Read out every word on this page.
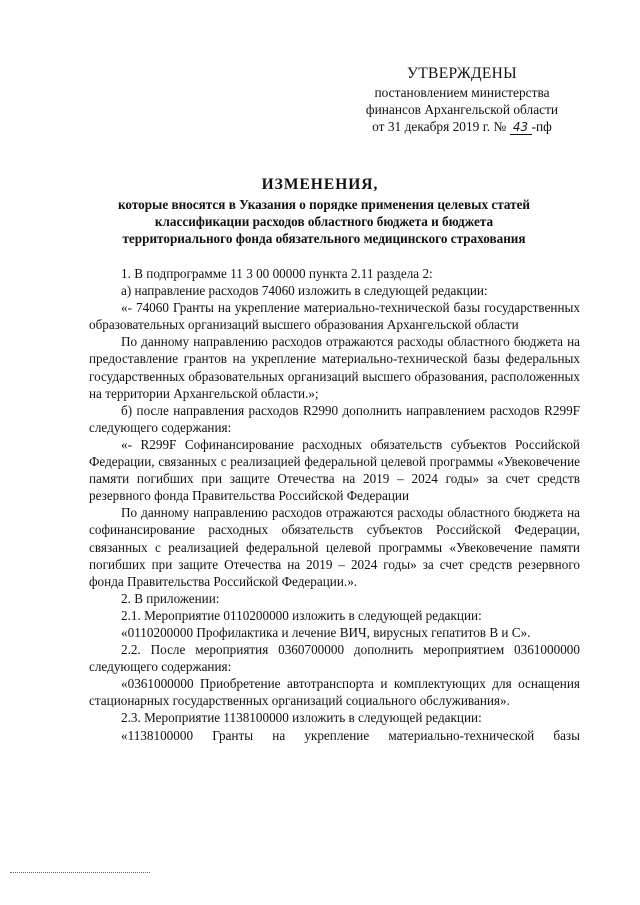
УТВЕРЖДЕНЫ
постановлением министерства
финансов Архангельской области
от 31 декабря 2019 г. № 43 -пф
ИЗМЕНЕНИЯ,
которые вносятся в Указания о порядке применения целевых статей
классификации расходов областного бюджета и бюджета
территориального фонда обязательного медицинского страхования

1. В подпрограмме 11 3 00 00000 пункта 2.11 раздела 2:

а) направление расходов 74060 изложить в следующей редакции:

«- 74060 Гранты на укрепление материально-технической базы государственных образовательных организаций высшего образования Архангельской области

По данному направлению расходов отражаются расходы областного бюджета на предоставление грантов на укрепление материально-технической базы федеральных государственных образовательных организаций высшего образования, расположенных на территории Архангельской области.»;

б) после направления расходов R2990 дополнить направлением расходов R299F следующего содержания:

«- R299F Софинансирование расходных обязательств субъектов Российской Федерации, связанных с реализацией федеральной целевой программы «Увековечение памяти погибших при защите Отечества на 2019 – 2024 годы» за счет средств резервного фонда Правительства Российской Федерации

По данному направлению расходов отражаются расходы областного бюджета на софинансирование расходных обязательств субъектов Российской Федерации, связанных с реализацией федеральной целевой программы «Увековечение памяти погибших при защите Отечества на 2019 – 2024 годы» за счет средств резервного фонда Правительства Российской Федерации.».

2. В приложении:

2.1. Мероприятие 0110200000 изложить в следующей редакции:

«0110200000 Профилактика и лечение ВИЧ, вирусных гепатитов В и С».

2.2. После мероприятия 0360700000 дополнить мероприятием 0361000000 следующего содержания:

«0361000000 Приобретение автотранспорта и комплектующих для оснащения стационарных государственных организаций социального обслуживания».

2.3. Мероприятие 1138100000 изложить в следующей редакции:

«1138100000 Гранты на укрепление материально-технической базы
